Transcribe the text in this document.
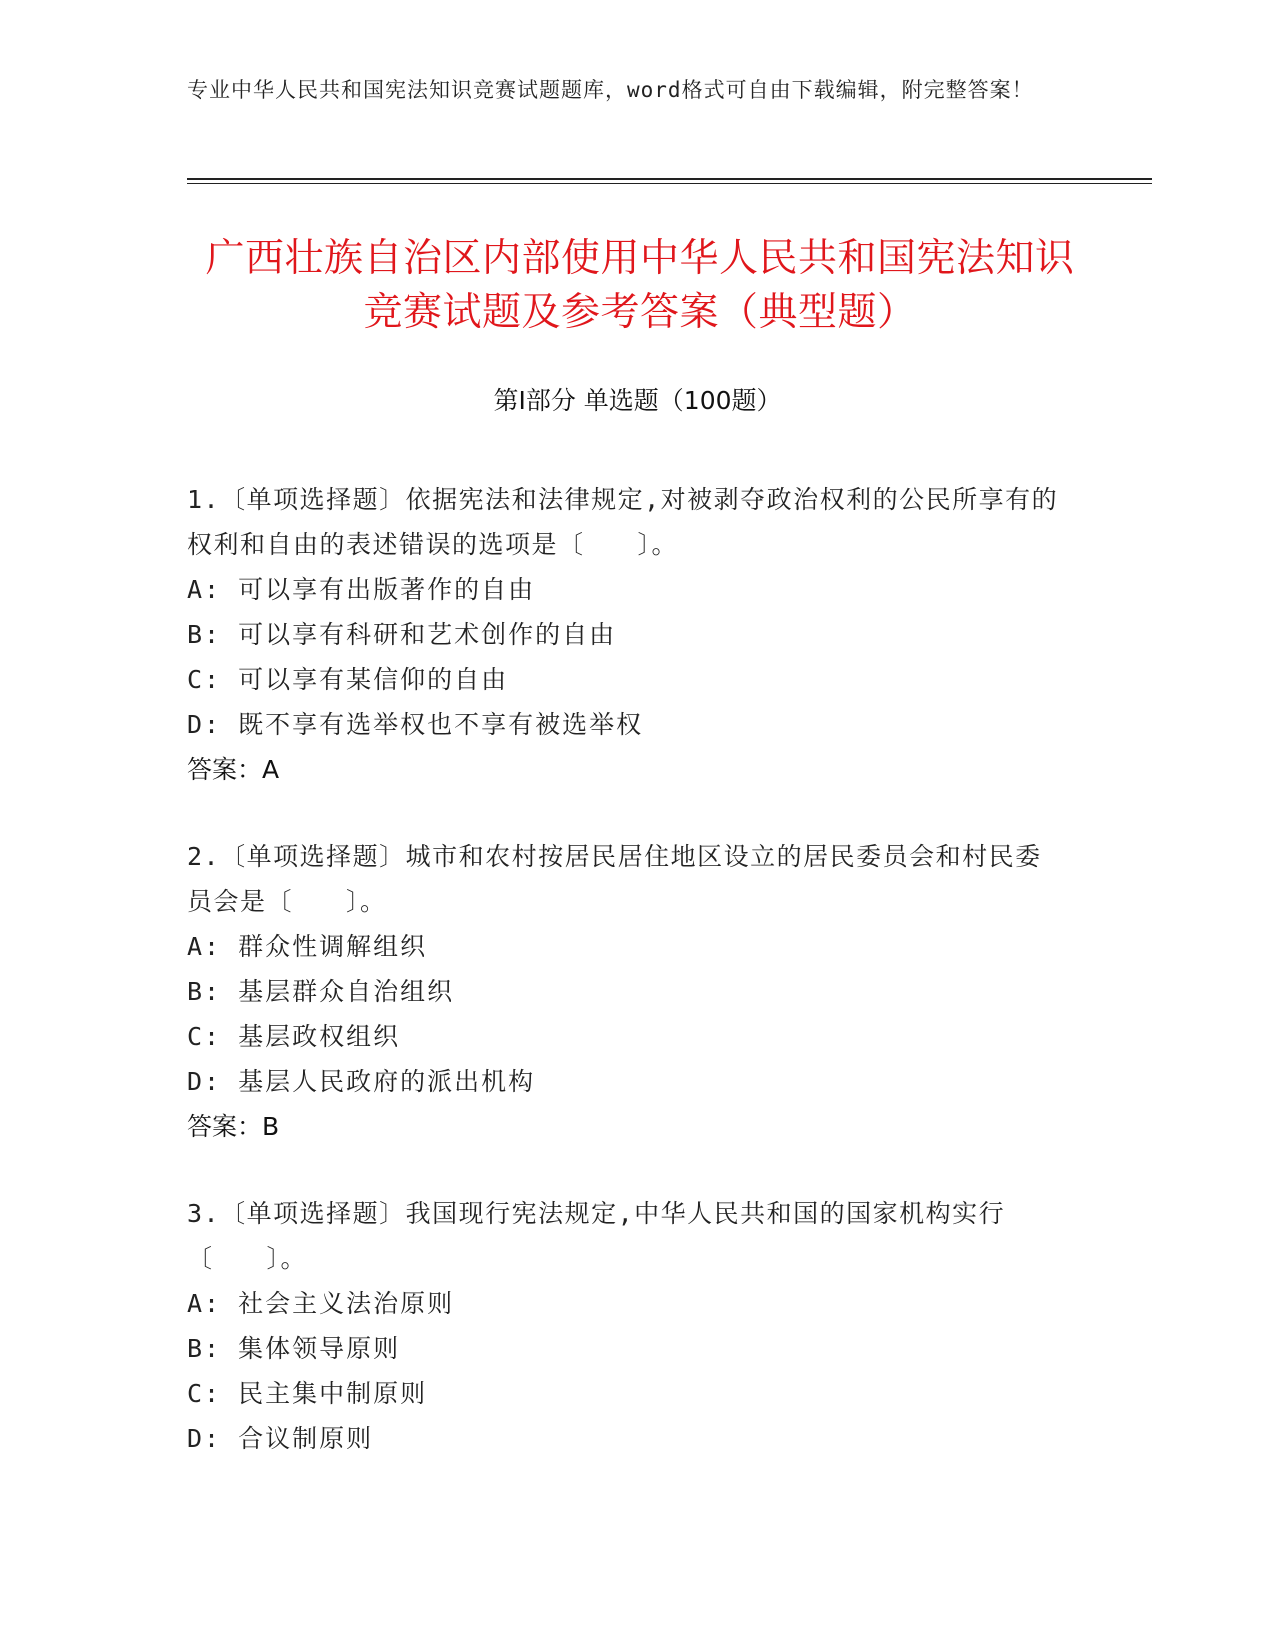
专业中华人民共和国宪法知识竞赛试题题库，word格式可自由下载编辑，附完整答案！
广西壮族自治区内部使用中华人民共和国宪法知识竞赛试题及参考答案（典型题）
第Ⅰ部分 单选题（100题）

1.〔单项选择题〕依据宪法和法律规定,对被剥夺政治权利的公民所享有的权利和自由的表述错误的选项是〔　　〕。

A: 可以享有出版著作的自由

B: 可以享有科研和艺术创作的自由

C: 可以享有某信仰的自由

D: 既不享有选举权也不享有被选举权

答案：A

2.〔单项选择题〕城市和农村按居民居住地区设立的居民委员会和村民委员会是〔　　〕。

A: 群众性调解组织

B: 基层群众自治组织

C: 基层政权组织

D: 基层人民政府的派出机构

答案：B

3.〔单项选择题〕我国现行宪法规定,中华人民共和国的国家机构实行〔　　〕。

A: 社会主义法治原则

B: 集体领导原则

C: 民主集中制原则

D: 合议制原则
